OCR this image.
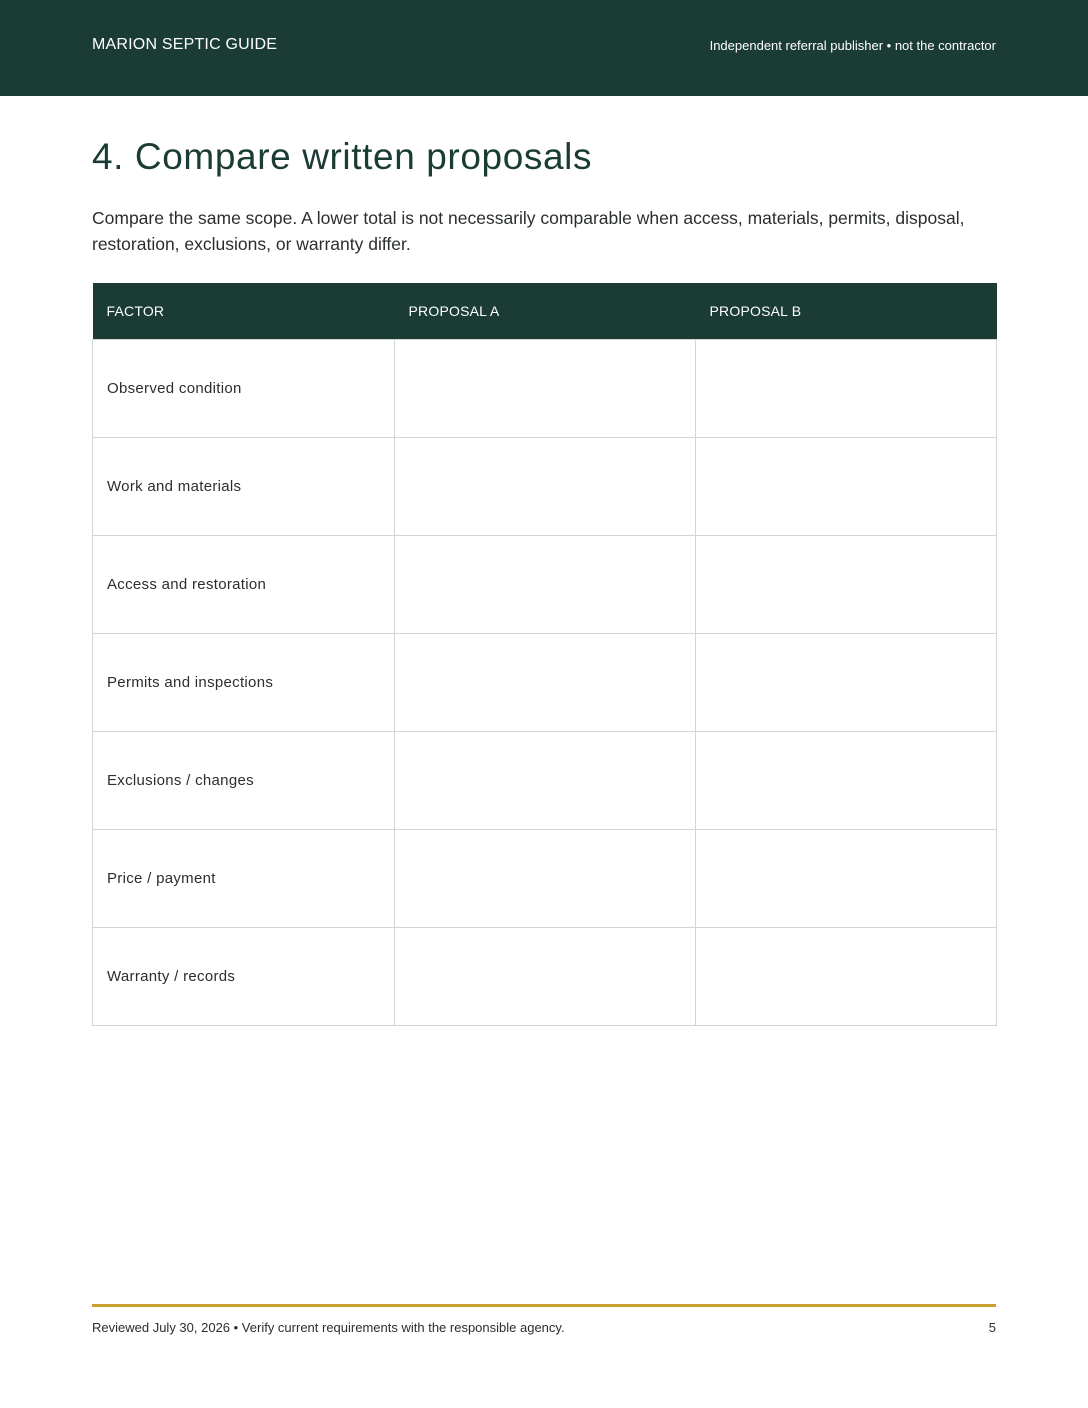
MARION SEPTIC GUIDE	Independent referral publisher • not the contractor
4. Compare written proposals

Compare the same scope. A lower total is not necessarily comparable when access, materials, permits, disposal, restoration, exclusions, or warranty differ.

FACTOR	PROPOSAL A	PROPOSAL B
Observed condition		
Work and materials		
Access and restoration		
Permits and inspections		
Exclusions / changes		
Price / payment		
Warranty / records		
Reviewed July 30, 2026 • Verify current requirements with the responsible agency.	5
